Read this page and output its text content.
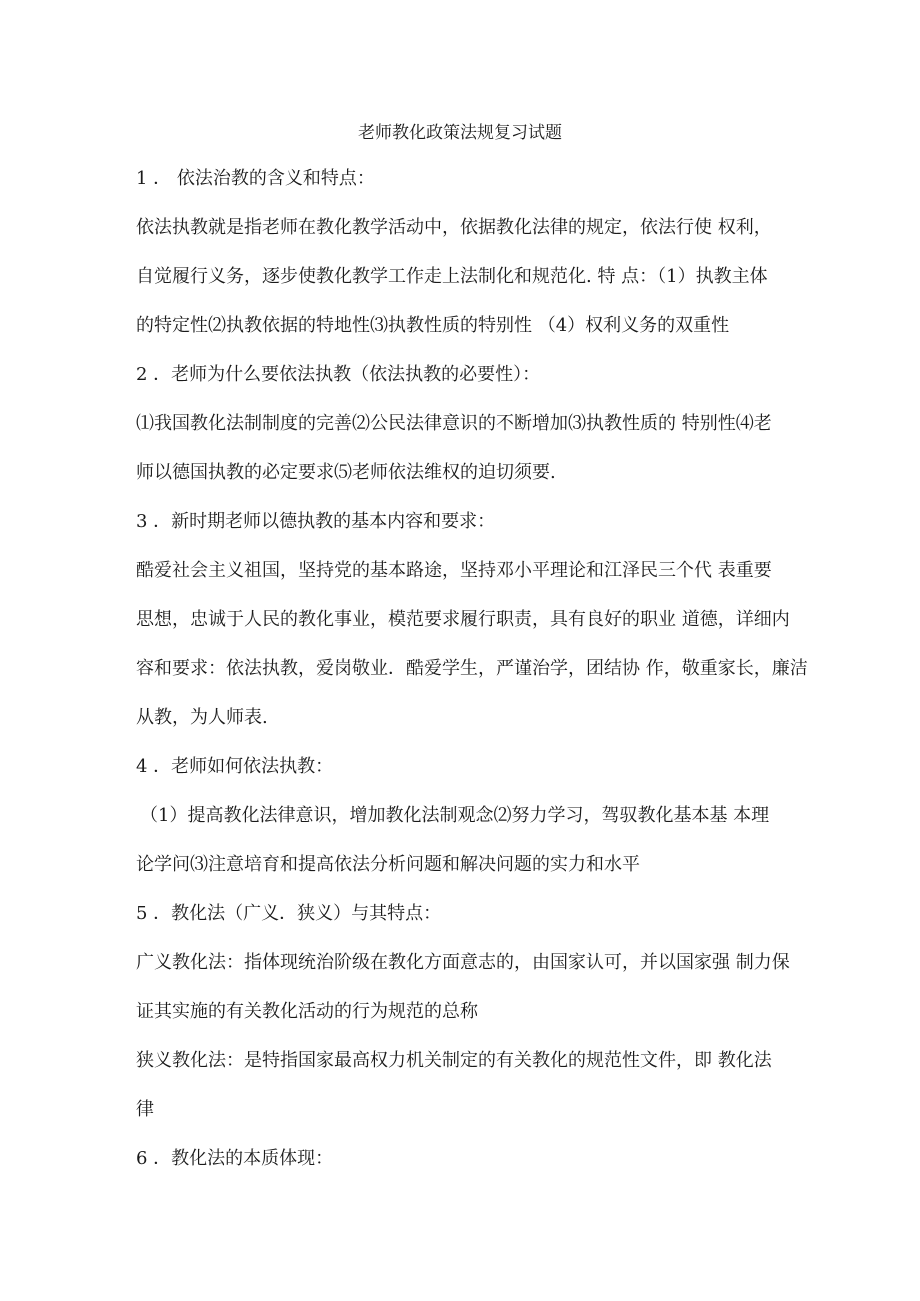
老师教化政策法规复习试题
1 ． 依法治教的含义和特点：
依法执教就是指老师在教化教学活动中，依据教化法律的规定，依法行使 权利，
自觉履行义务，逐步使教化教学工作走上法制化和规范化. 特 点：（1）执教主体
的特定性⑵执教依据的特地性⑶执教性质的特别性 （4）权利义务的双重性
2 ．老师为什么要依法执教（依法执教的必要性）：
⑴我国教化法制制度的完善⑵公民法律意识的不断增加⑶执教性质的 特别性⑷老
师以德国执教的必定要求⑸老师依法维权的迫切须要.
3 ．新时期老师以德执教的基本内容和要求：
酷爱社会主义祖国，坚持党的基本路途，坚持邓小平理论和江泽民三个代 表重要
思想，忠诚于人民的教化事业，模范要求履行职责，具有良好的职业 道德，详细内
容和要求：依法执教，爱岗敬业．酷爱学生，严谨治学，团结协 作，敬重家长，廉洁
从教，为人师表.
4 ．老师如何依法执教：
（1）提高教化法律意识，增加教化法制观念⑵努力学习，驾驭教化基本基 本理
论学问⑶注意培育和提高依法分析问题和解决问题的实力和水平
5 ．教化法（广义．狭义）与其特点：
广义教化法：指体现统治阶级在教化方面意志的，由国家认可，并以国家强 制力保
证其实施的有关教化活动的行为规范的总称
狭义教化法：是特指国家最高权力机关制定的有关教化的规范性文件，即 教化法
律
6 ．教化法的本质体现：
